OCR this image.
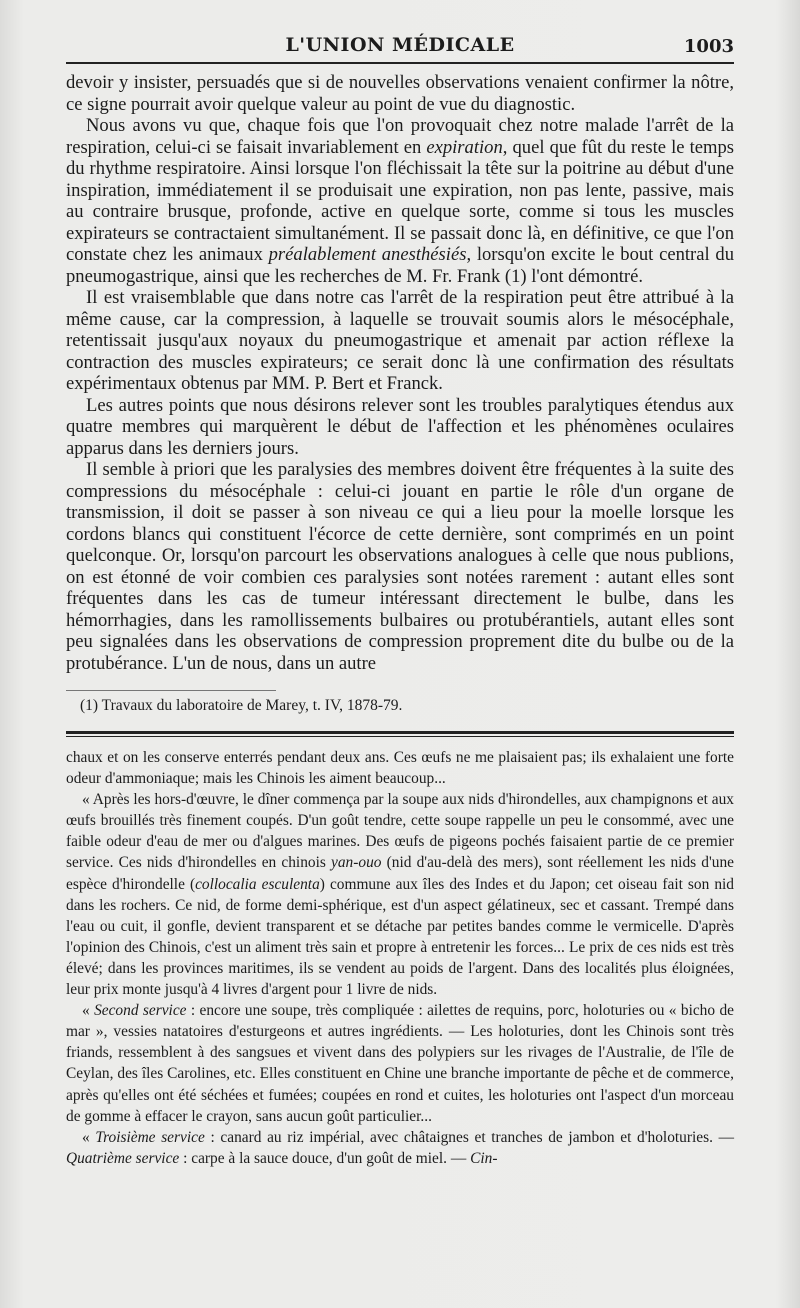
L'UNION MÉDICALE	1003

devoir y insister, persuadés que si de nouvelles observations venaient confirmer la nôtre, ce signe pourrait avoir quelque valeur au point de vue du diagnostic.

Nous avons vu que, chaque fois que l'on provoquait chez notre malade l'arrêt de la respiration, celui-ci se faisait invariablement en expiration, quel que fût du reste le temps du rhythme respiratoire. Ainsi lorsque l'on fléchissait la tête sur la poitrine au début d'une inspiration, immédiatement il se produisait une expiration, non pas lente, passive, mais au contraire brusque, profonde, active en quelque sorte, comme si tous les muscles expirateurs se contractaient simultanément. Il se passait donc là, en définitive, ce que l'on constate chez les animaux préalablement anesthésiés, lorsqu'on excite le bout central du pneumogastrique, ainsi que les recherches de M. Fr. Frank (1) l'ont démontré.

Il est vraisemblable que dans notre cas l'arrêt de la respiration peut être attribué à la même cause, car la compression, à laquelle se trouvait soumis alors le mésocéphale, retentissait jusqu'aux noyaux du pneumogastrique et amenait par action réflexe la contraction des muscles expirateurs; ce serait donc là une confirmation des résultats expérimentaux obtenus par MM. P. Bert et Franck.

Les autres points que nous désirons relever sont les troubles paralytiques étendus aux quatre membres qui marquèrent le début de l'affection et les phénomènes oculaires apparus dans les derniers jours.

Il semble à priori que les paralysies des membres doivent être fréquentes à la suite des compressions du mésocéphale : celui-ci jouant en partie le rôle d'un organe de transmission, il doit se passer à son niveau ce qui a lieu pour la moelle lorsque les cordons blancs qui constituent l'écorce de cette dernière, sont comprimés en un point quelconque. Or, lorsqu'on parcourt les observations analogues à celle que nous publions, on est étonné de voir combien ces paralysies sont notées rarement : autant elles sont fréquentes dans les cas de tumeur intéressant directement le bulbe, dans les hémorrhagies, dans les ramollissements bulbaires ou protubérantiels, autant elles sont peu signalées dans les observations de compression proprement dite du bulbe ou de la protubérance. L'un de nous, dans un autre

(1) Travaux du laboratoire de Marey, t. IV, 1878-79.

chaux et on les conserve enterrés pendant deux ans. Ces œufs ne me plaisaient pas; ils exhalaient une forte odeur d'ammoniaque; mais les Chinois les aiment beaucoup...

« Après les hors-d'œuvre, le dîner commença par la soupe aux nids d'hirondelles, aux champignons et aux œufs brouillés très finement coupés. D'un goût tendre, cette soupe rappelle un peu le consommé, avec une faible odeur d'eau de mer ou d'algues marines. Des œufs de pigeons pochés faisaient partie de ce premier service. Ces nids d'hirondelles en chinois yan-ouo (nid d'au-delà des mers), sont réellement les nids d'une espèce d'hirondelle (collocalia esculenta) commune aux îles des Indes et du Japon; cet oiseau fait son nid dans les rochers. Ce nid, de forme demi-sphérique, est d'un aspect gélatineux, sec et cassant. Trempé dans l'eau ou cuit, il gonfle, devient transparent et se détache par petites bandes comme le vermicelle. D'après l'opinion des Chinois, c'est un aliment très sain et propre à entretenir les forces... Le prix de ces nids est très élevé; dans les provinces maritimes, ils se vendent au poids de l'argent. Dans des localités plus éloignées, leur prix monte jusqu'à 4 livres d'argent pour 1 livre de nids.

« Second service : encore une soupe, très compliquée : ailettes de requins, porc, holoturies ou « bicho de mar », vessies natatoires d'esturgeons et autres ingrédients. — Les holoturies, dont les Chinois sont très friands, ressemblent à des sangsues et vivent dans des polypiers sur les rivages de l'Australie, de l'île de Ceylan, des îles Carolines, etc. Elles constituent en Chine une branche importante de pêche et de commerce, après qu'elles ont été séchées et fumées; coupées en rond et cuites, les holoturies ont l'aspect d'un morceau de gomme à effacer le crayon, sans aucun goût particulier...

« Troisième service : canard au riz impérial, avec châtaignes et tranches de jambon et d'holoturies. — Quatrième service : carpe à la sauce douce, d'un goût de miel. — Cin-
